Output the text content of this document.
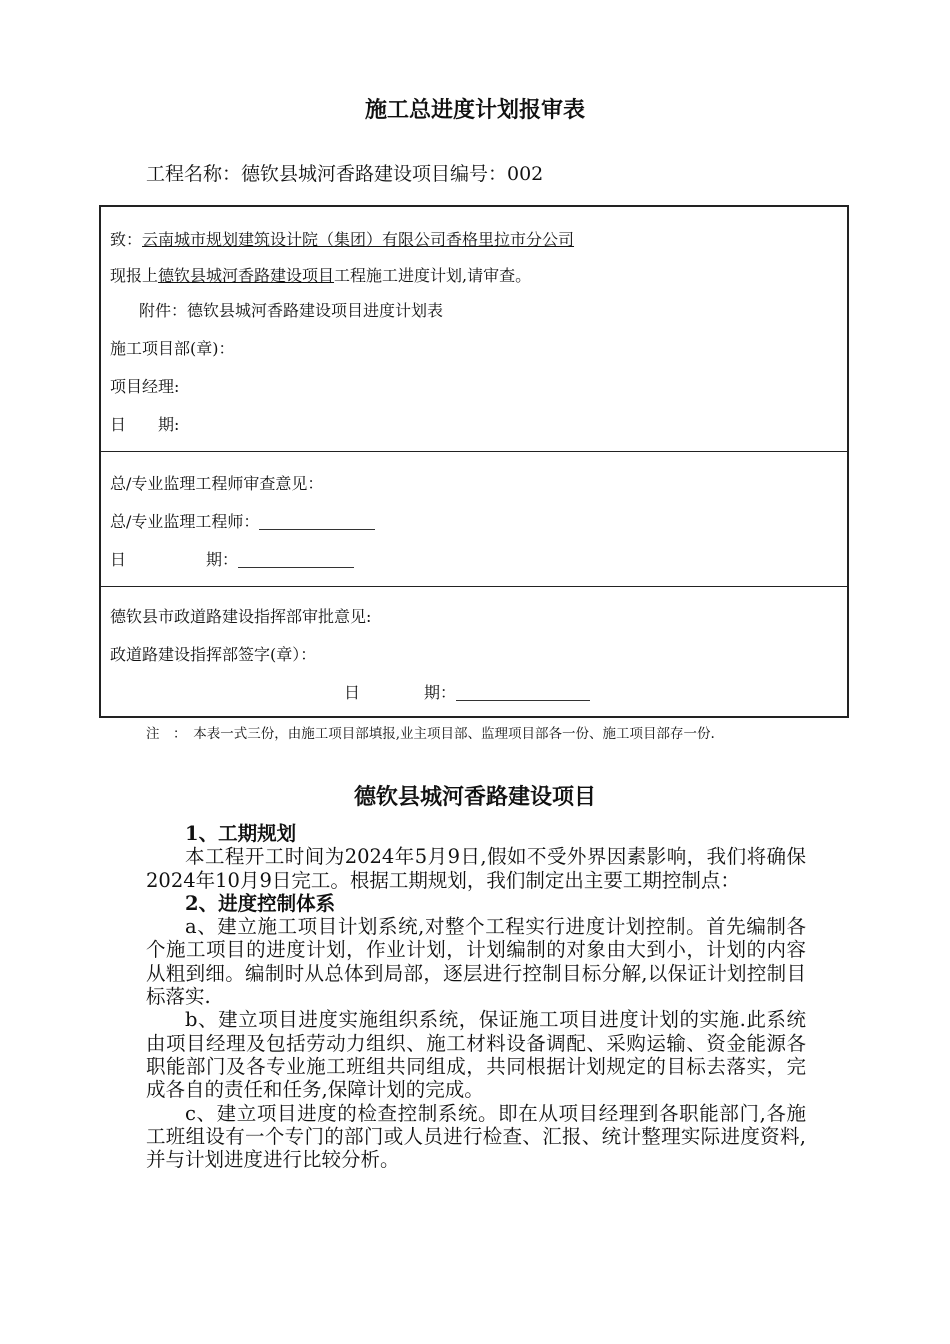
施工总进度计划报审表
工程名称：德钦县城河香路建设项目编号：002
致：云南城市规划建筑设计院（集团）有限公司香格里拉市分公司
现报上德钦县城河香路建设项目工程施工进度计划,请审查。
附件：德钦县城河香路建设项目进度计划表
施工项目部(章)：
项目经理:
日　　期:
总/专业监理工程师审查意见：
总/专业监理工程师：
日　　　　　期：
德钦县市政道路建设指挥部审批意见:
政道路建设指挥部签字(章）：
日　　　　期：
注　：　本表一式三份，由施工项目部填报,业主项目部、监理项目部各一份、施工项目部存一份.
德钦县城河香路建设项目

1、工期规划

本工程开工时间为2024年5月9日,假如不受外界因素影响，我们将确保2024年10月9日完工。根据工期规划，我们制定出主要工期控制点：

2、进度控制体系

a、建立施工项目计划系统,对整个工程实行进度计划控制。首先编制各个施工项目的进度计划，作业计划，计划编制的对象由大到小，计划的内容从粗到细。编制时从总体到局部，逐层进行控制目标分解,以保证计划控制目标落实.

b、建立项目进度实施组织系统，保证施工项目进度计划的实施.此系统由项目经理及包括劳动力组织、施工材料设备调配、采购运输、资金能源各职能部门及各专业施工班组共同组成，共同根据计划规定的目标去落实，完成各自的责任和任务,保障计划的完成。

c、建立项目进度的检查控制系统。即在从项目经理到各职能部门,各施工班组设有一个专门的部门或人员进行检查、汇报、统计整理实际进度资料,并与计划进度进行比较分析。
